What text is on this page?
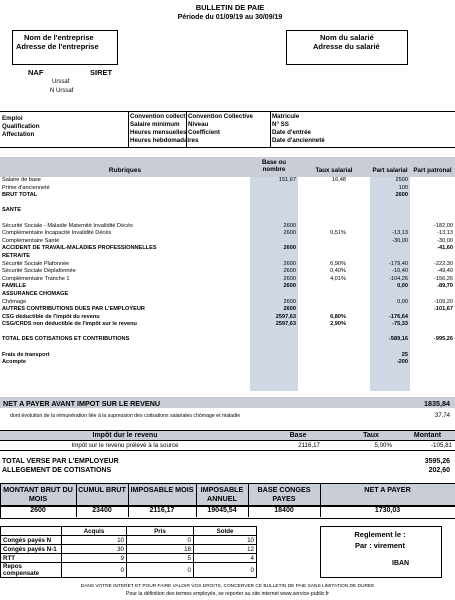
BULLETIN DE PAIE
Période du 01/09/19 au 30/09/19
Nom de l'entreprise
Adresse de l'entreprise
NAF	SIRET
Urssaf
N Urssaf
Nom du salarié
Adresse du salarié
Emploi
Qualification
Affectation
Convention collect
Salaire minimum
Heures mensuelles
Heures hebdomadaires
Convention Collective
Niveau
Coefficient
Matricule
N° SS
Date d'entrée
Date d'ancienneté
Rubriques
Base ou nombre	Taux salarial	Part salarial Part patronal
Salaire de base	151,67	16,48	2500	
Prime d'ancienneté			100	
BRUT TOTAL			2600	

SANTE				

Sécurité Sociale - Maladie Maternité Invalidité Décès	2600			-182,00
Complémentaire Incapacité Invalidité Décès	2600	0,51%	-13,13	-13,13
Complémentaire Santé			-30,00	-30,00
ACCIDENT DE TRAVAIL-MALADIES PROFESSIONNELLES	2600			-41,60
RETRAITE				
Sécurité Sociale Plafonnée	2600	6,90%	-179,40	-222,30
Sécurité Sociale Déplafonnée	2600	0,40%	-10,40	-49,40
Complémentaire Tranche 1	2600	4,01%	-104,26	-156,26
FAMILLE	2600		0,00	-89,70
ASSURANCE CHOMAGE				
Chômage	2600		0,00	-109,20
AUTRES CONTRIBUTIONS DUES PAR L'EMPLOYEUR	2600			-101,67
CSG déductible de l'impôt du revenu	2597,63	6,80%	-176,64	
CSG/CRDS non déductible de l'impôt sur le revenu	2597,63	2,90%	-75,33	

TOTAL DES COTISATIONS ET CONTRIBUTIONS			-589,16	-995,26

Frais de transport			25	
Acompte			-200	
NET A PAYER AVANT IMPOT SUR LE REVENU	1835,84
dont évolution de la rémunération liée à la supression des cotisations salariales chômage et maladie	37,74
Impôt dur le revenu	Base	Taux	Montant
Impôt sur le revenu prélevé à la source	2116,17	5,00%	-105,81
TOTAL VERSE PAR L'EMPLOYEUR	3595,26
ALLEGEMENT DE COTISATIONS	202,60
MONTANT BRUT DU MOIS
2600
CUMUL BRUT
23400
IMPOSABLE MOIS
2116,17
IMPOSABLE ANNUEL
19045,54
BASE CONGES PAYES
18400
NET A PAYER
1730,03
	Acquis	Pris	Solde
Congés payés N	10	0	10
Congés payés N-1	30	18	12
RTT	9	5	4
Repos compensate	0	0	0
Reglement le :
Par : virement
IBAN
DANS VOTRE INTERET ET POUR FAIRE VALOIR VOS DROITS, CONCERVER CE BULLETIN DE PAIE SANS LIMITATION DE DUREE
Pour la définition des termes employés, se reporter au site internet www.service-public.fr
